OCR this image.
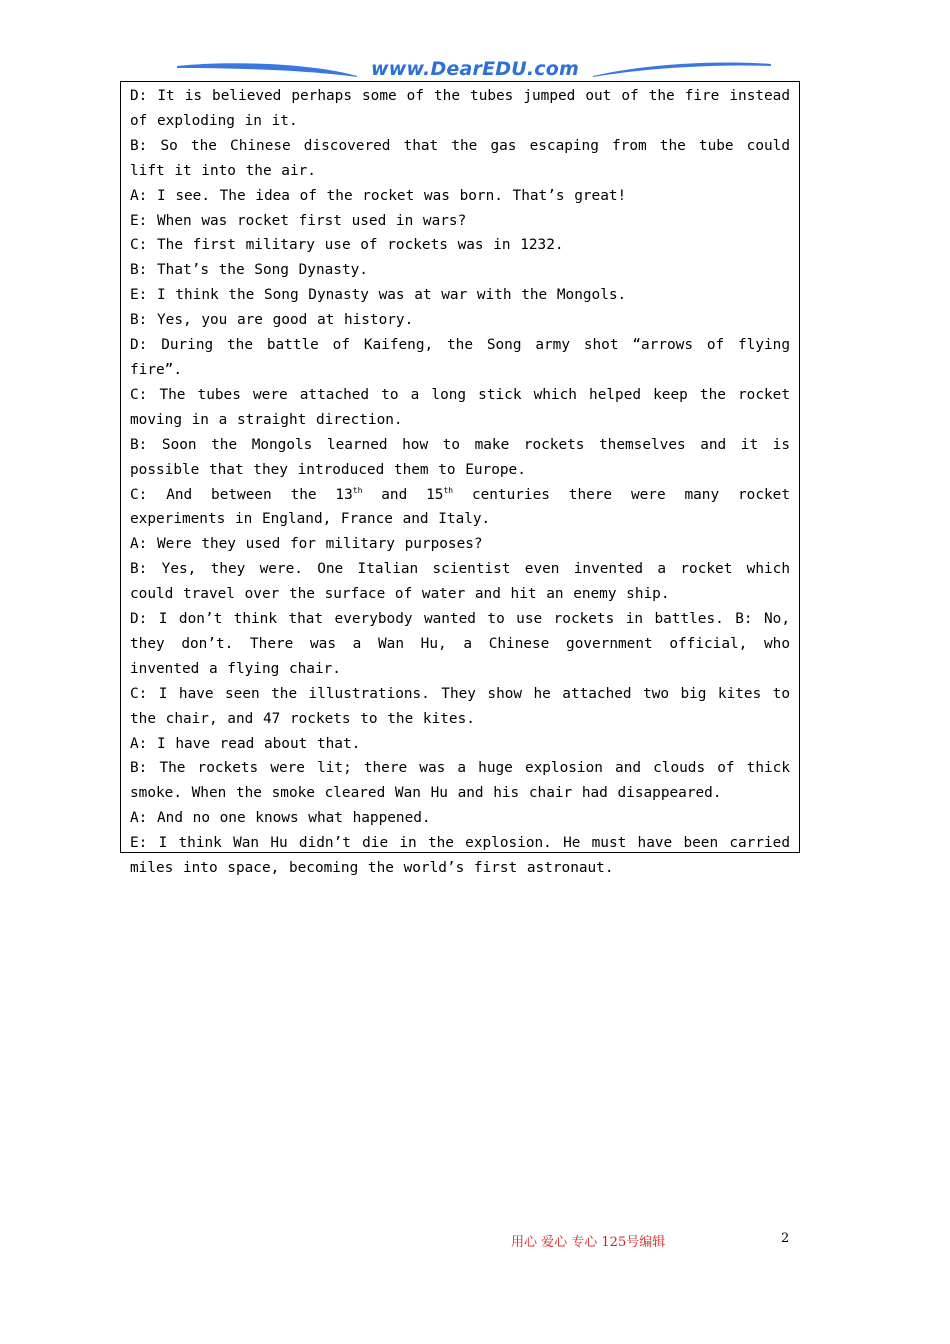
www.DearEDU.com

D: It is believed perhaps some of the tubes jumped out of the fire instead of exploding in it.

B: So the Chinese discovered that the gas escaping from the tube could lift it into the air.

A: I see. The idea of the rocket was born. That’s great!

E: When was rocket first used in wars?

C: The first military use of rockets was in 1232.

B: That’s the Song Dynasty.

E: I think the Song Dynasty was at war with the Mongols.

B: Yes, you are good at history.

D: During the battle of Kaifeng, the Song army shot “arrows of flying fire”.

C: The tubes were attached to a long stick which helped keep the rocket moving in a straight direction.

B: Soon the Mongols learned how to make rockets themselves and it is possible that they introduced them to Europe.

C: And between the 13th and 15th centuries there were many rocket experiments in England, France and Italy.

A: Were they used for military purposes?

B: Yes, they were. One Italian scientist even invented a rocket which could travel over the surface of water and hit an enemy ship.

D: I don’t think that everybody wanted to use rockets in battles. B: No, they don’t. There was a Wan Hu, a Chinese government official, who invented a flying chair.

C: I have seen the illustrations. They show he attached two big kites to the chair, and 47 rockets to the kites.

A: I have read about that.

B: The rockets were lit; there was a huge explosion and clouds of thick smoke. When the smoke cleared Wan Hu and his chair had disappeared.

A: And no one knows what happened.

E: I think Wan Hu didn’t die in the explosion. He must have been carried miles into space, becoming the world’s first astronaut.

用心 爱心 专心 125号编辑	2
